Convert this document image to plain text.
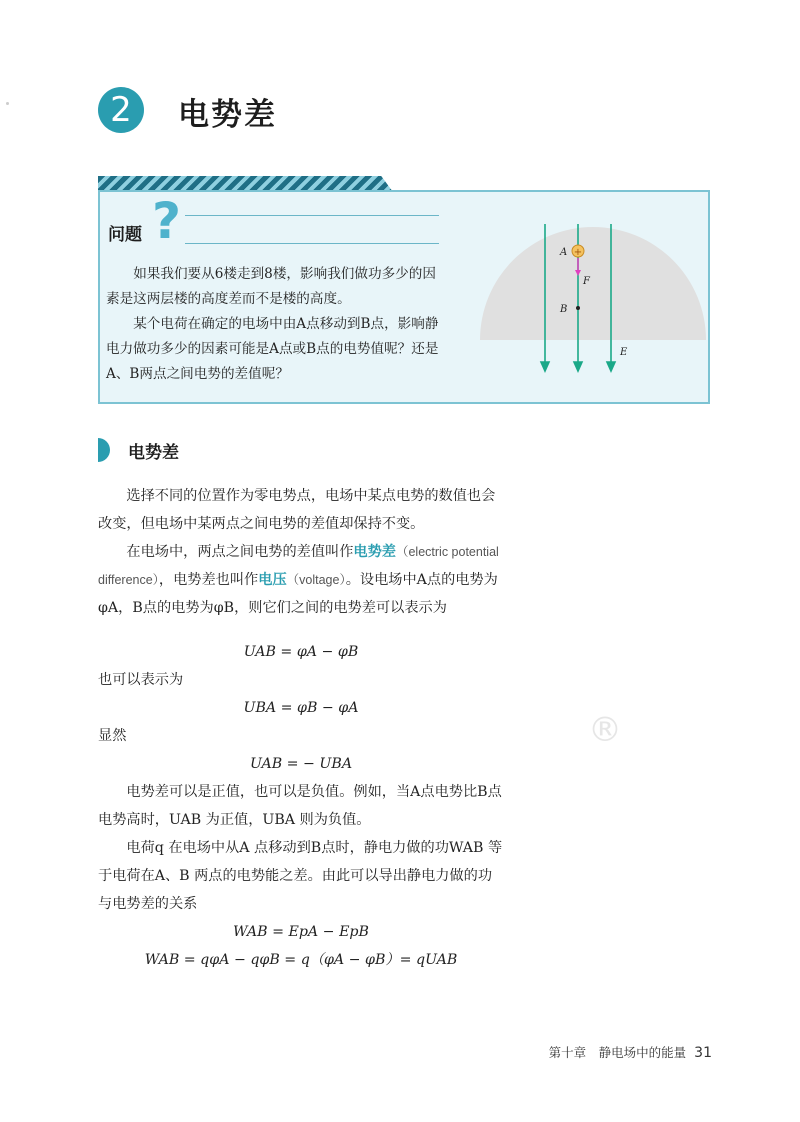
2	电势差
?
问题

如果我们要从6楼走到8楼，影响我们做功多少的因素是这两层楼的高度差而不是楼的高度。

某个电荷在确定的电场中由A点移动到B点，影响静电力做功多少的因素可能是A点或B点的电势值呢？还是A、B两点之间电势的差值呢？

+
A
F
B
E
电势差

选择不同的位置作为零电势点，电场中某点电势的数值也会改变，但电场中某两点之间电势的差值却保持不变。

在电场中，两点之间电势的差值叫作电势差（electric potential difference），电势差也叫作电压（voltage）。设电场中A点的电势为φA，B点的电势为φB，则它们之间的电势差可以表示为

UAB = φA − φB

也可以表示为

UBA = φB − φA

显然

UAB = − UBA

电势差可以是正值，也可以是负值。例如，当A点电势比B点电势高时，UAB 为正值，UBA 则为负值。

电荷q 在电场中从A 点移动到B点时，静电力做的功WAB 等于电荷在A、B 两点的电势能之差。由此可以导出静电力做的功与电势差的关系

WAB = EpA − EpB

WAB = qφA − qφB = q（φA − φB）= qUAB

®
第十章　静电场中的能量 31
